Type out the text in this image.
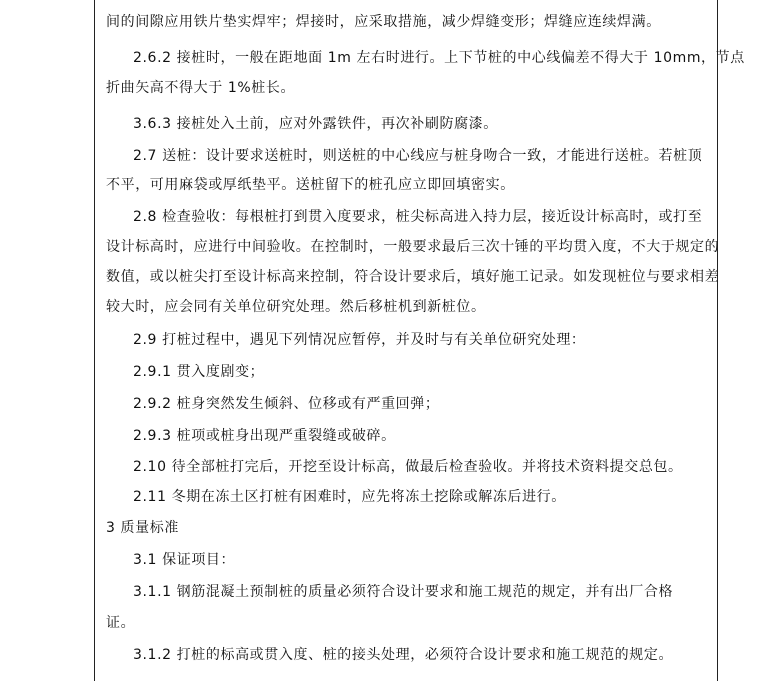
间的间隙应用铁片垫实焊牢；焊接时，应采取措施，减少焊缝变形；焊缝应连续焊满。
2.6.2 接桩时，一般在距地面 1m 左右时进行。上下节桩的中心线偏差不得大于 10mm，节点
折曲矢高不得大于 1%桩长。
3.6.3 接桩处入土前，应对外露铁件，再次补刷防腐漆。
2.7 送桩：设计要求送桩时，则送桩的中心线应与桩身吻合一致，才能进行送桩。若桩顶
不平，可用麻袋或厚纸垫平。送桩留下的桩孔应立即回填密实。
2.8 检查验收：每根桩打到贯入度要求，桩尖标高进入持力层，接近设计标高时，或打至
设计标高时，应进行中间验收。在控制时，一般要求最后三次十锤的平均贯入度，不大于规定的
数值，或以桩尖打至设计标高来控制，符合设计要求后，填好施工记录。如发现桩位与要求相差
较大时，应会同有关单位研究处理。然后移桩机到新桩位。
2.9 打桩过程中，遇见下列情况应暂停，并及时与有关单位研究处理：
2.9.1 贯入度剧变；
2.9.2 桩身突然发生倾斜、位移或有严重回弹；
2.9.3 桩项或桩身出现严重裂缝或破碎。
2.10 待全部桩打完后，开挖至设计标高，做最后检查验收。并将技术资料提交总包。
2.11 冬期在冻土区打桩有困难时，应先将冻土挖除或解冻后进行。
3 质量标准
3.1 保证项目：
3.1.1 钢筋混凝土预制桩的质量必须符合设计要求和施工规范的规定，并有出厂合格
证。
3.1.2 打桩的标高或贯入度、桩的接头处理，必须符合设计要求和施工规范的规定。
